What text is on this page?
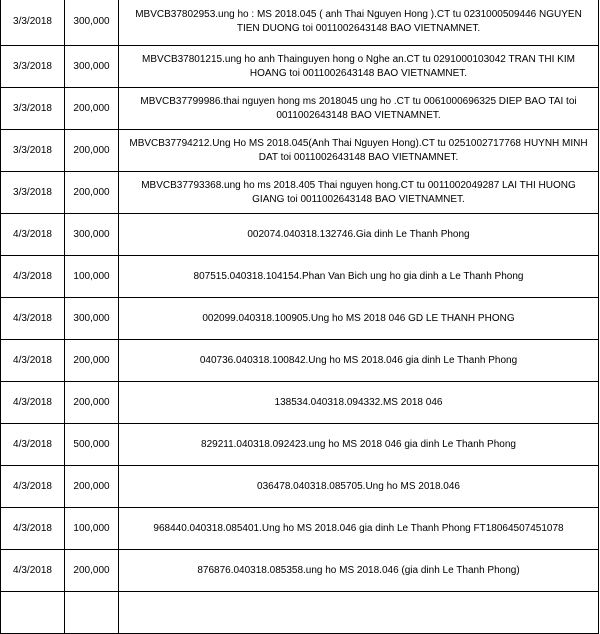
3/3/2018	300,000	MBVCB37802953.ung ho : MS 2018.045 ( anh Thai Nguyen Hong ).CT tu 0231000509446 NGUYEN TIEN DUONG toi 0011002643148 BAO VIETNAMNET.
3/3/2018	300,000	MBVCB37801215.ung ho anh Thainguyen hong o Nghe an.CT tu 0291000103042 TRAN THI KIM HOANG toi 0011002643148 BAO VIETNAMNET.
3/3/2018	200,000	MBVCB37799986.thai nguyen hong ms 2018045 ung ho .CT tu 0061000696325 DIEP BAO TAI toi 0011002643148 BAO VIETNAMNET.
3/3/2018	200,000	MBVCB37794212.Ung Ho MS 2018.045(Anh Thai Nguyen Hong).CT tu 0251002717768 HUYNH MINH DAT toi 0011002643148 BAO VIETNAMNET.
3/3/2018	200,000	MBVCB37793368.ung ho ms 2018.405 Thai nguyen hong.CT tu 0011002049287 LAI THI HUONG GIANG toi 0011002643148 BAO VIETNAMNET.
4/3/2018	300,000	002074.040318.132746.Gia dinh Le Thanh Phong
4/3/2018	100,000	807515.040318.104154.Phan Van Bich ung ho gia dinh a Le Thanh Phong
4/3/2018	300,000	002099.040318.100905.Ung ho MS 2018 046 GD LE THANH PHONG
4/3/2018	200,000	040736.040318.100842.Ung ho MS 2018.046 gia dinh Le Thanh Phong
4/3/2018	200,000	138534.040318.094332.MS 2018 046
4/3/2018	500,000	829211.040318.092423.ung ho MS 2018 046 gia dinh Le Thanh Phong
4/3/2018	200,000	036478.040318.085705.Ung ho MS 2018.046
4/3/2018	100,000	968440.040318.085401.Ung ho MS 2018.046 gia dinh Le Thanh Phong FT18064507451078
4/3/2018	200,000	876876.040318.085358.ung ho MS 2018.046 (gia dinh Le Thanh Phong)
